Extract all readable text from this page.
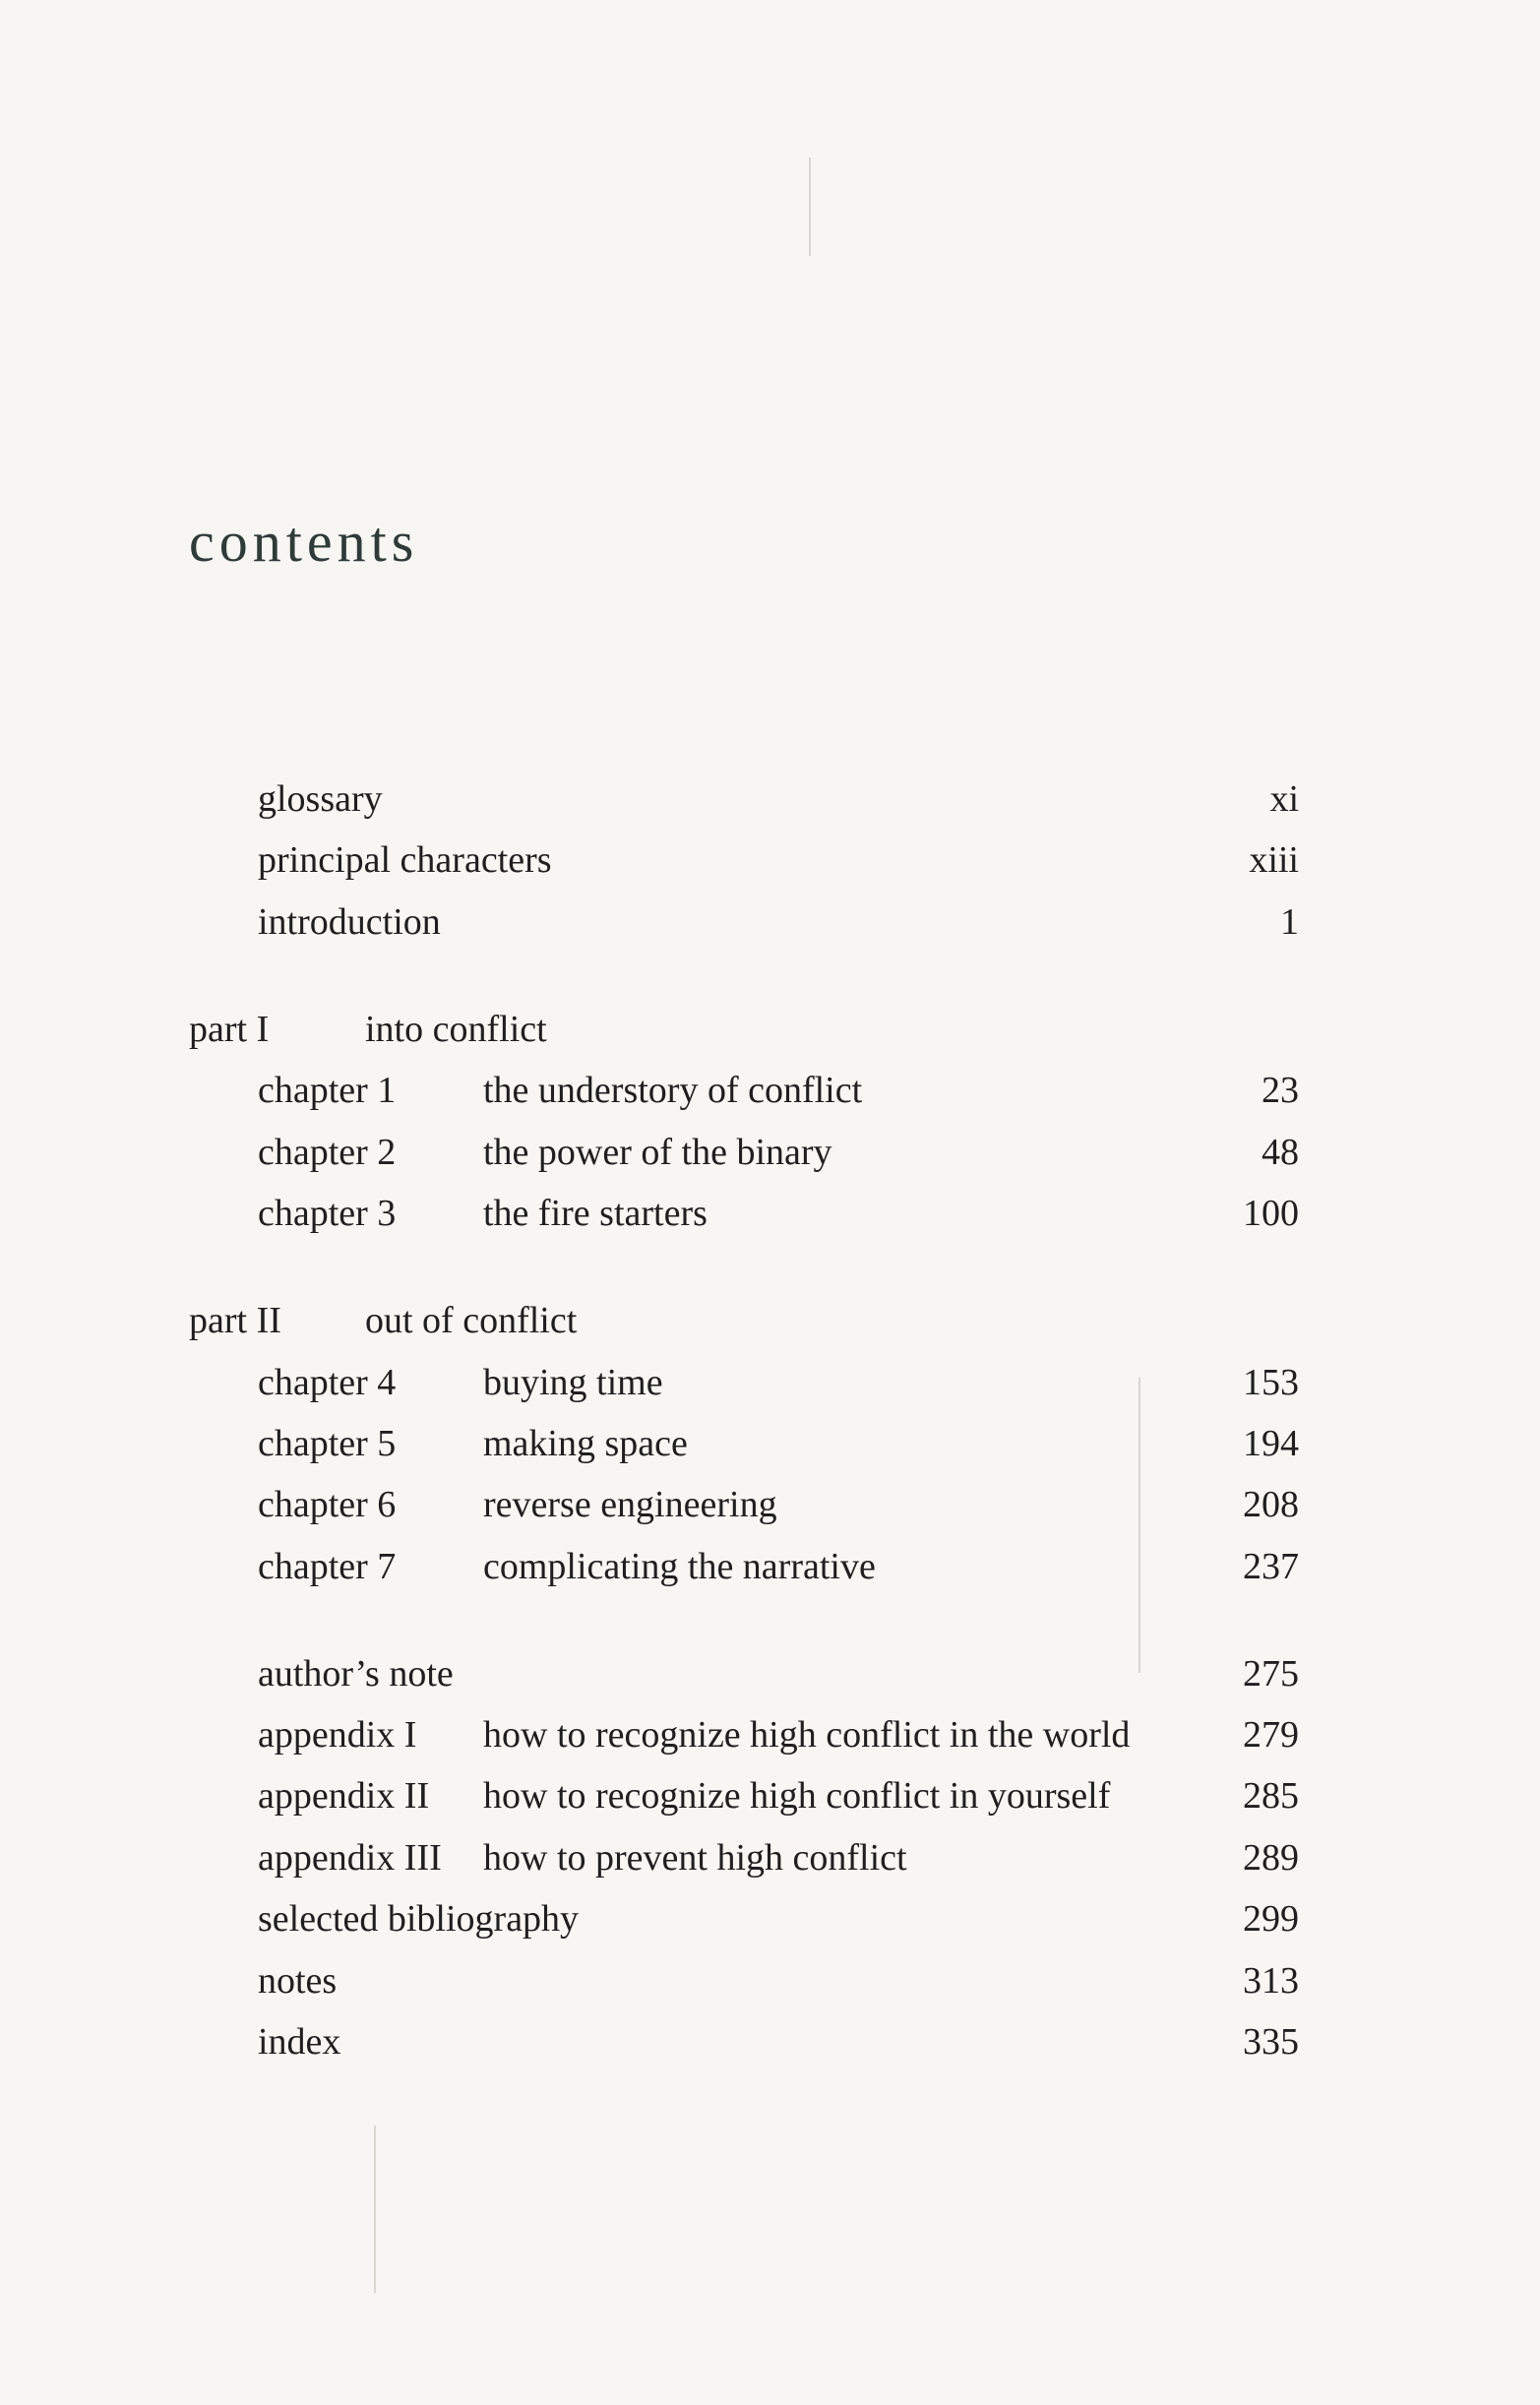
contents
glossary	xi
principal characters	xiii
introduction	1
part I	into conflict
chapter 1 the understory of conflict	23
chapter 2 the power of the binary	48
chapter 3 the fire starters	100
part II out of conflict
chapter 4 buying time	153
chapter 5 making space	194
chapter 6 reverse engineering	208
chapter 7 complicating the narrative	237
author’s note	275
appendix I how to recognize high conflict in the world	279
appendix II how to recognize high conflict in yourself	285
appendix III how to prevent high conflict	289
selected bibliography	299
notes	313
index	335
